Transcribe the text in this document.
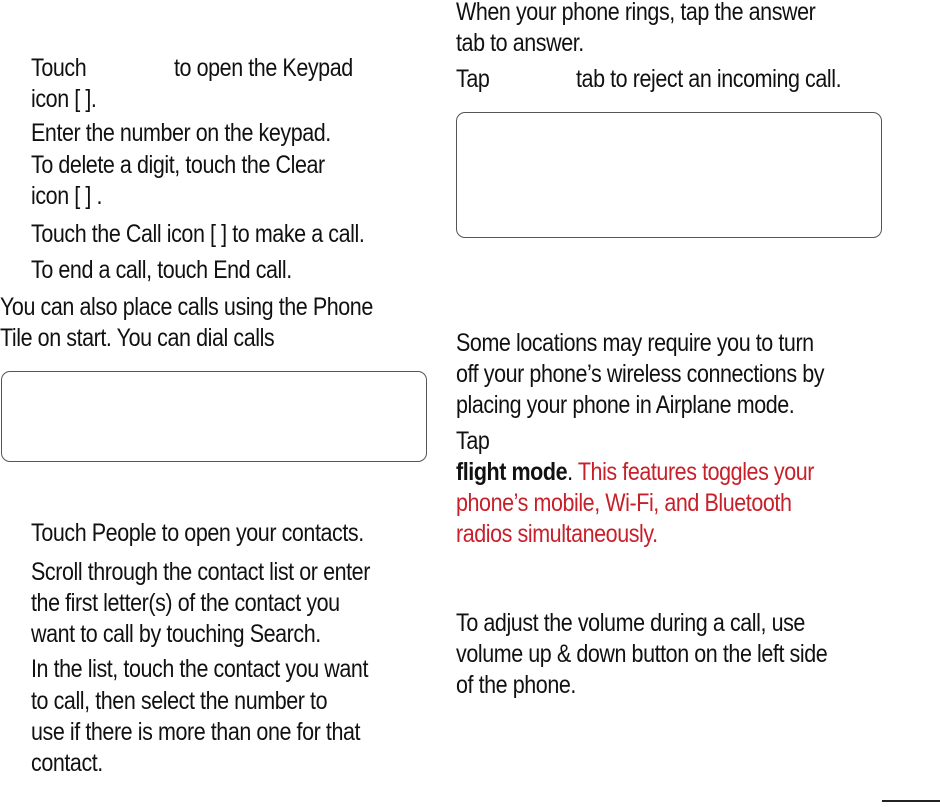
Touch	to open the Keypad
icon [ ].
Enter the number on the keypad.
To delete a digit, touch the Clear
icon [ ] .
Touch the Call icon [ ] to make a call.
To end a call, touch End call.
You can also place calls using the Phone
Tile on start. You can dial calls
Touch People to open your contacts.
Scroll through the contact list or enter
the first letter(s) of the contact you
want to call by touching Search.
In the list, touch the contact you want
to call, then select the number to
use if there is more than one for that
contact.
When your phone rings, tap the answer
tab to answer.
Tap	tab to reject an incoming call.
Some locations may require you to turn
off your phone’s wireless connections by
placing your phone in Airplane mode.
Tap
flight mode. This features toggles your
phone’s mobile, Wi-Fi, and Bluetooth
radios simultaneously.
To adjust the volume during a call, use
volume up & down button on the left side
of the phone.
